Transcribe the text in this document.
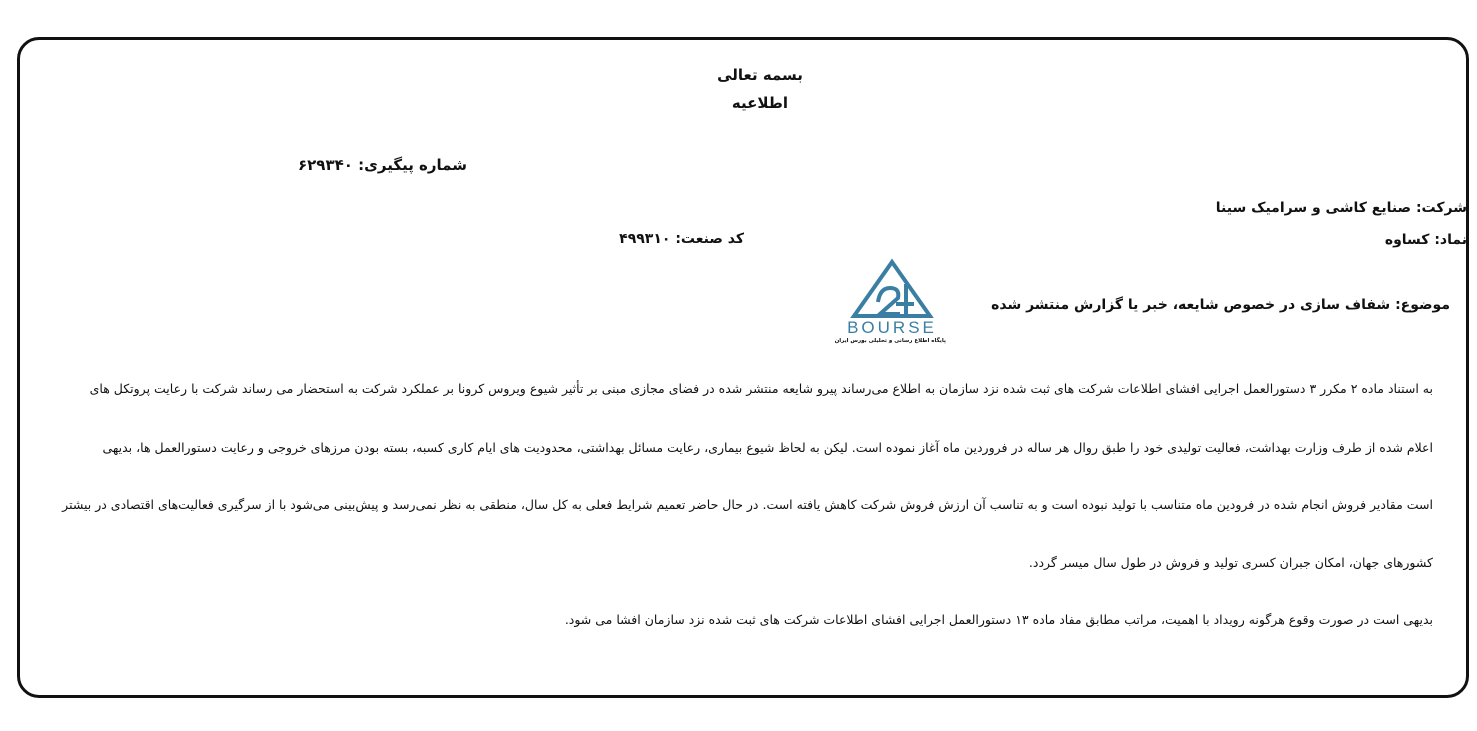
بسمه تعالی
اطلاعیه
شماره پیگیری: ۶۲۹۳۴۰
شرکت: صنایع کاشی و سرامیک سینا
نماد: کساوه
کد صنعت: ۴۹۹۳۱۰
BOURSE
پایگاه اطلاع رسانی و تحلیلی بورس ایران
موضوع: شفاف سازی در خصوص شایعه، خبر یا گزارش منتشر شده
به استناد ماده ۲ مکرر ۳ دستورالعمل اجرایی افشای اطلاعات شرکت های ثبت شده نزد سازمان به اطلاع می‌رساند پیرو شایعه منتشر شده در فضای مجازی مبنی بر تأثیر شیوع ویروس کرونا بر عملکرد شرکت به استحضار می رساند شرکت با رعایت پروتکل های
اعلام شده از طرف وزارت بهداشت، فعالیت تولیدی خود را طبق روال هر ساله در فروردین ماه آغاز نموده است. لیکن به لحاظ شیوع بیماری، رعایت مسائل بهداشتی، محدودیت های ایام کاری کسبه، بسته بودن مرزهای خروجی و رعایت دستورالعمل ها، بدیهی
است مقادیر فروش انجام شده در فرودین ماه متناسب با تولید نبوده است و به تناسب آن ارزش فروش شرکت کاهش یافته است. در حال حاضر تعمیم شرایط فعلی به کل سال، منطقی به نظر نمی‌رسد و پیش‌بینی می‌شود با از سرگیری فعالیت‌های اقتصادی در بیشتر
کشورهای جهان، امکان جبران کسری تولید و فروش در طول سال میسر گردد.
بدیهی است در صورت وقوع هرگونه رویداد با اهمیت، مراتب مطابق مفاد ماده ۱۳ دستورالعمل اجرایی افشای اطلاعات شرکت های ثبت شده نزد سازمان افشا می شود.
